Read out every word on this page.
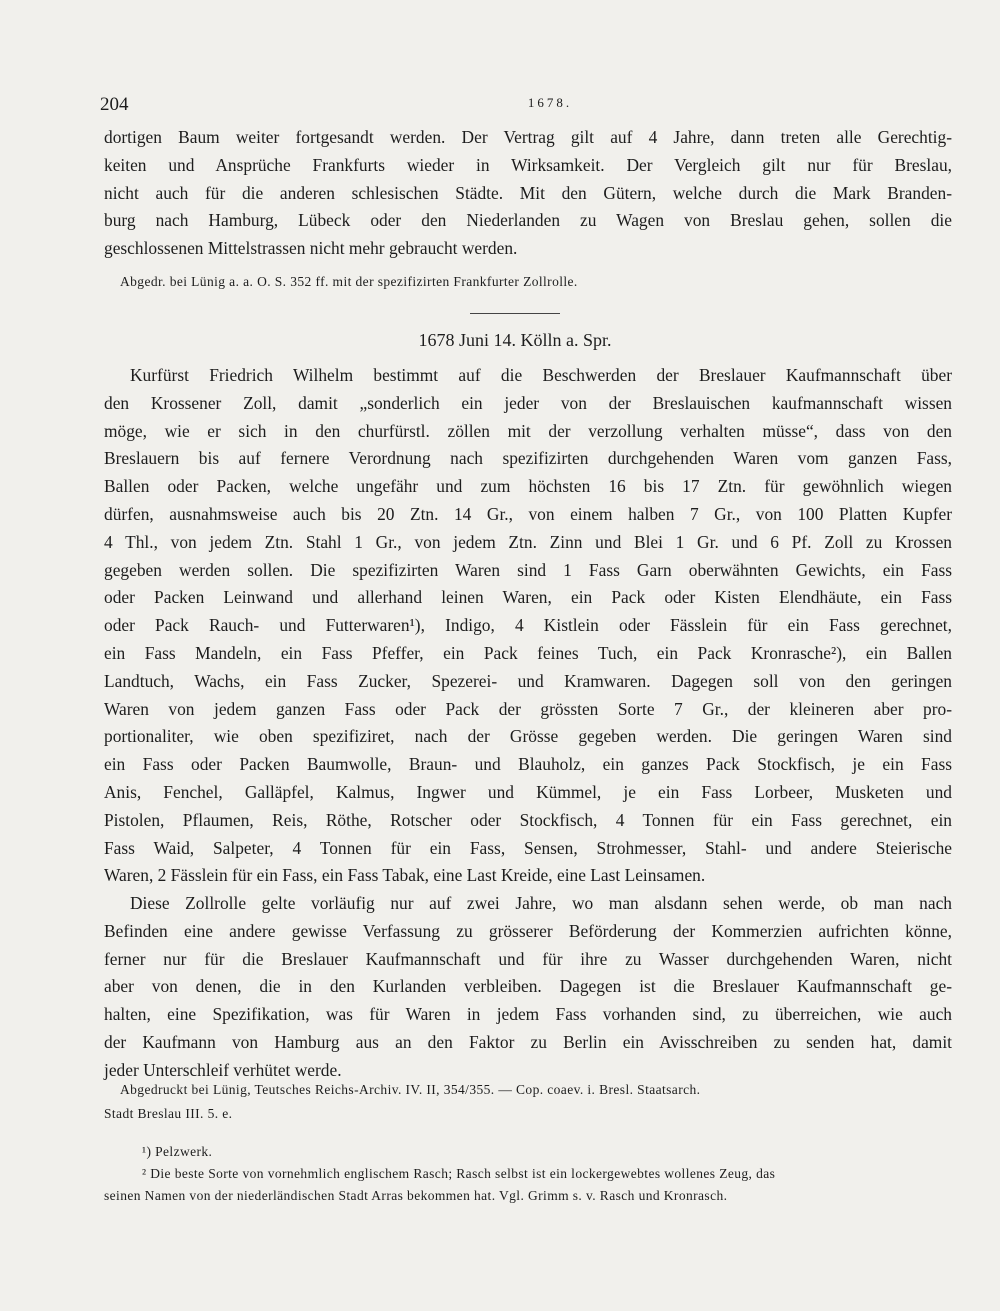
204	1678.
dortigen Baum weiter fortgesandt werden. Der Vertrag gilt auf 4 Jahre, dann treten alle Gerechtig-
keiten und Ansprüche Frankfurts wieder in Wirksamkeit. Der Vergleich gilt nur für Breslau,
nicht auch für die anderen schlesischen Städte. Mit den Gütern, welche durch die Mark Branden-
burg nach Hamburg, Lübeck oder den Niederlanden zu Wagen von Breslau gehen, sollen die
geschlossenen Mittelstrassen nicht mehr gebraucht werden.

Abgedr. bei Lünig a. a. O. S. 352 ff. mit der spezifizirten Frankfurter Zollrolle.

1678 Juni 14. Kölln a. Spr.
Kurfürst Friedrich Wilhelm bestimmt auf die Beschwerden der Breslauer Kaufmannschaft über
den Krossener Zoll, damit „sonderlich ein jeder von der Breslauischen kaufmannschaft wissen
möge, wie er sich in den churfürstl. zöllen mit der verzollung verhalten müsse“, dass von den
Breslauern bis auf fernere Verordnung nach spezifizirten durchgehenden Waren vom ganzen Fass,
Ballen oder Packen, welche ungefähr und zum höchsten 16 bis 17 Ztn. für gewöhnlich wiegen
dürfen, ausnahmsweise auch bis 20 Ztn. 14 Gr., von einem halben 7 Gr., von 100 Platten Kupfer
4 Thl., von jedem Ztn. Stahl 1 Gr., von jedem Ztn. Zinn und Blei 1 Gr. und 6 Pf. Zoll zu Krossen
gegeben werden sollen. Die spezifizirten Waren sind 1 Fass Garn oberwähnten Gewichts, ein Fass
oder Packen Leinwand und allerhand leinen Waren, ein Pack oder Kisten Elendhäute, ein Fass
oder Pack Rauch- und Futterwaren¹), Indigo, 4 Kistlein oder Fässlein für ein Fass gerechnet,
ein Fass Mandeln, ein Fass Pfeffer, ein Pack feines Tuch, ein Pack Kronrasche²), ein Ballen
Landtuch, Wachs, ein Fass Zucker, Spezerei- und Kramwaren. Dagegen soll von den geringen
Waren von jedem ganzen Fass oder Pack der grössten Sorte 7 Gr., der kleineren aber pro-
portionaliter, wie oben spezifiziret, nach der Grösse gegeben werden. Die geringen Waren sind
ein Fass oder Packen Baumwolle, Braun- und Blauholz, ein ganzes Pack Stockfisch, je ein Fass
Anis, Fenchel, Galläpfel, Kalmus, Ingwer und Kümmel, je ein Fass Lorbeer, Musketen und
Pistolen, Pflaumen, Reis, Röthe, Rotscher oder Stockfisch, 4 Tonnen für ein Fass gerechnet, ein
Fass Waid, Salpeter, 4 Tonnen für ein Fass, Sensen, Strohmesser, Stahl- und andere Steierische
Waren, 2 Fässlein für ein Fass, ein Fass Tabak, eine Last Kreide, eine Last Leinsamen.
Diese Zollrolle gelte vorläufig nur auf zwei Jahre, wo man alsdann sehen werde, ob man nach
Befinden eine andere gewisse Verfassung zu grösserer Beförderung der Kommerzien aufrichten könne,
ferner nur für die Breslauer Kaufmannschaft und für ihre zu Wasser durchgehenden Waren, nicht
aber von denen, die in den Kurlanden verbleiben. Dagegen ist die Breslauer Kaufmannschaft ge-
halten, eine Spezifikation, was für Waren in jedem Fass vorhanden sind, zu überreichen, wie auch
der Kaufmann von Hamburg aus an den Faktor zu Berlin ein Avisschreiben zu senden hat, damit
jeder Unterschleif verhütet werde.

Abgedruckt bei Lünig, Teutsches Reichs-Archiv. IV. II, 354/355. — Cop. coaev. i. Bresl. Staatsarch.

Stadt Breslau III. 5. e.

¹) Pelzwerk.

² Die beste Sorte von vornehmlich englischem Rasch; Rasch selbst ist ein lockergewebtes wollenes Zeug, das

seinen Namen von der niederländischen Stadt Arras bekommen hat. Vgl. Grimm s. v. Rasch und Kronrasch.
